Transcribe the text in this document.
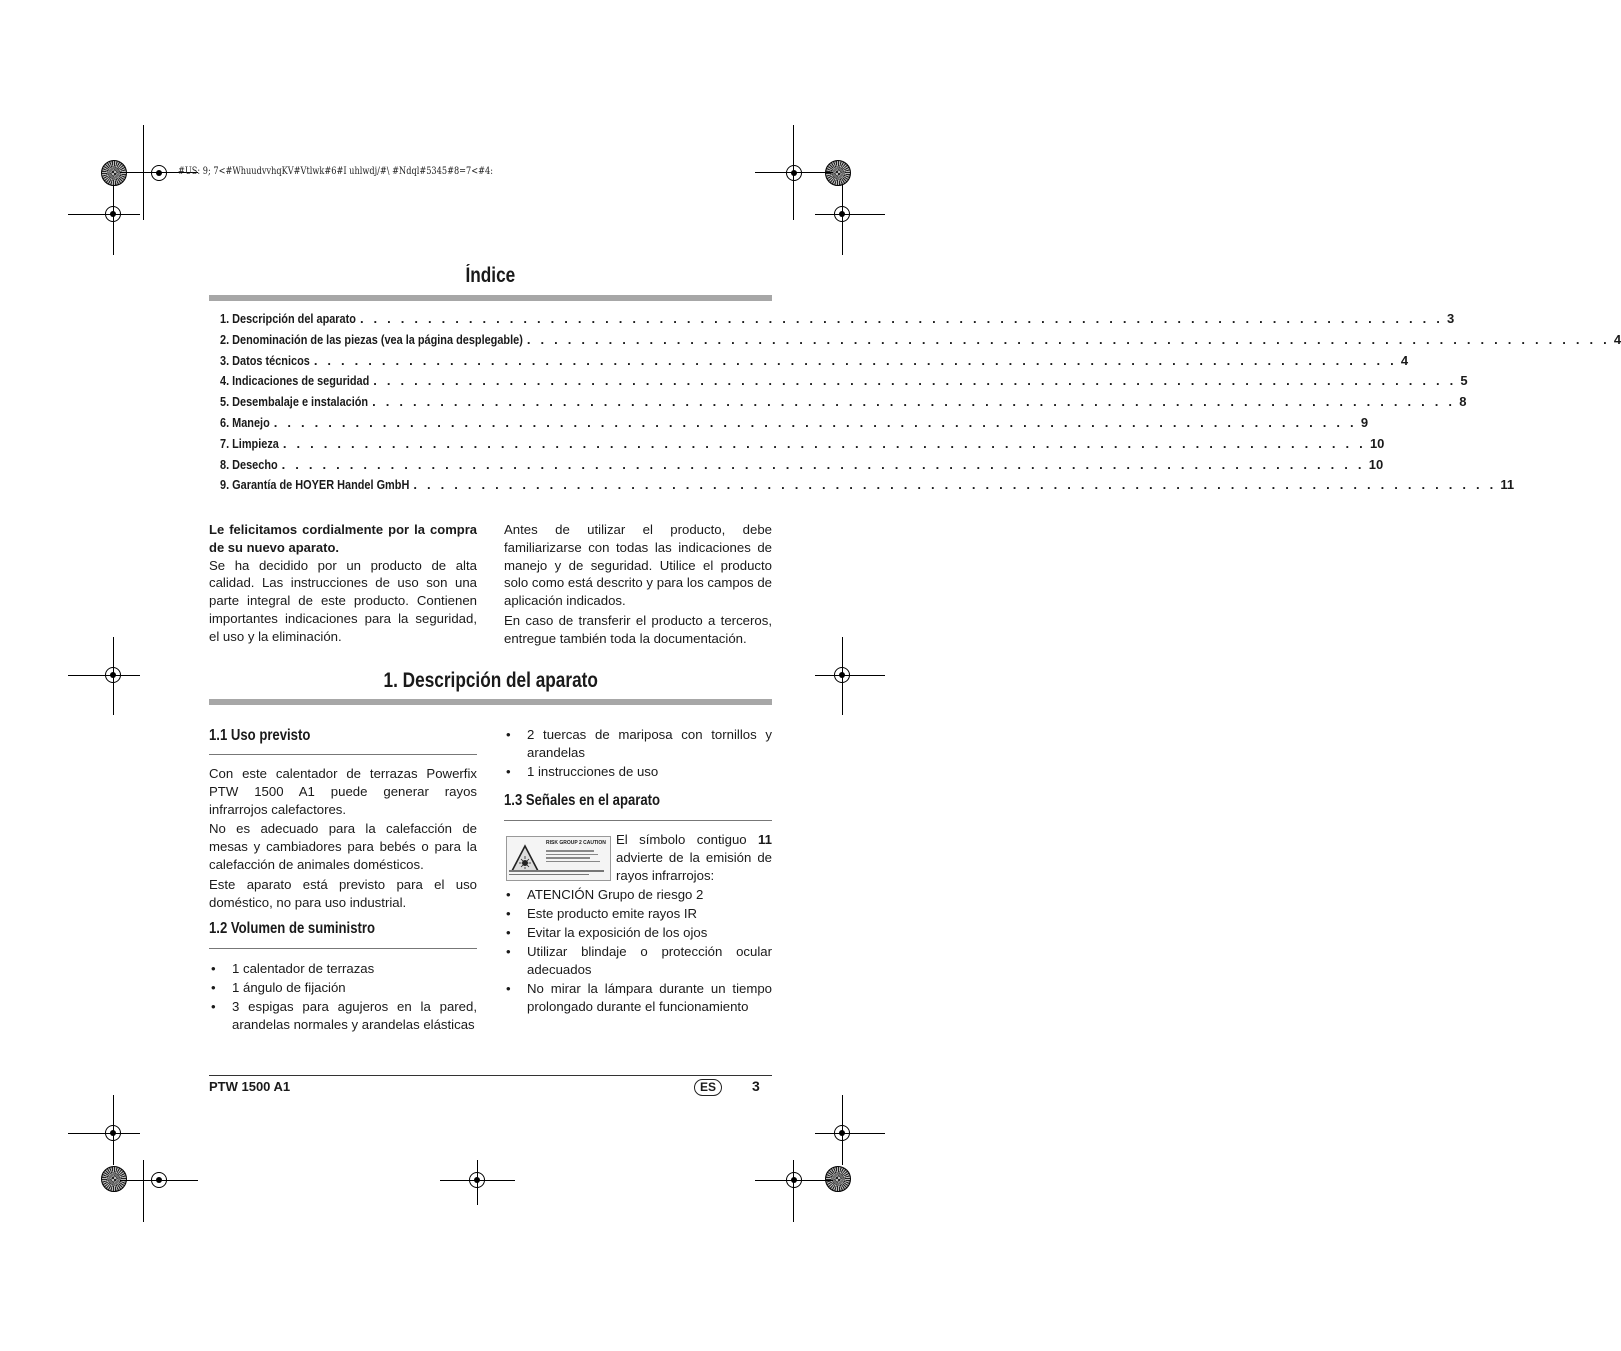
#US: 9; 7<#WhuudvvhqKV#Vtlwk#6#I uhlwdj/#\ #Ndql#5345#8=7<#4:
Índice
1. Descripción del aparato . . . . . . . . . . . . . . . . . . . . . . . . . . . . . . . . . . . . . . . . . . . . . . . . . . . . . . . . . . . . . . . . . . . . . . . . . . . . . . . . 3
2. Denominación de las piezas (vea la página desplegable) . . . . . . . . . . . . . . . . . . . . . . . . . . . . . . . . . . . . . . . . . . . . . . . . . . . . . . . . . . . . . . . . . . . . . . . . . . . . . . . . 4
3. Datos técnicos . . . . . . . . . . . . . . . . . . . . . . . . . . . . . . . . . . . . . . . . . . . . . . . . . . . . . . . . . . . . . . . . . . . . . . . . . . . . . . . . 4
4. Indicaciones de seguridad . . . . . . . . . . . . . . . . . . . . . . . . . . . . . . . . . . . . . . . . . . . . . . . . . . . . . . . . . . . . . . . . . . . . . . . . . . . . . . . . 5
5. Desembalaje e instalación . . . . . . . . . . . . . . . . . . . . . . . . . . . . . . . . . . . . . . . . . . . . . . . . . . . . . . . . . . . . . . . . . . . . . . . . . . . . . . . . 8
6. Manejo . . . . . . . . . . . . . . . . . . . . . . . . . . . . . . . . . . . . . . . . . . . . . . . . . . . . . . . . . . . . . . . . . . . . . . . . . . . . . . . . 9
7. Limpieza . . . . . . . . . . . . . . . . . . . . . . . . . . . . . . . . . . . . . . . . . . . . . . . . . . . . . . . . . . . . . . . . . . . . . . . . . . . . . . . . 10
8. Desecho . . . . . . . . . . . . . . . . . . . . . . . . . . . . . . . . . . . . . . . . . . . . . . . . . . . . . . . . . . . . . . . . . . . . . . . . . . . . . . . . 10
9. Garantía de HOYER Handel GmbH . . . . . . . . . . . . . . . . . . . . . . . . . . . . . . . . . . . . . . . . . . . . . . . . . . . . . . . . . . . . . . . . . . . . . . . . . . . . . . . . 11

Le felicitamos cordialmente por la compra de su nuevo aparato.

Se ha decidido por un producto de alta calidad. Las instrucciones de uso son una parte integral de este producto. Contienen importantes indicaciones para la seguridad, el uso y la eliminación.

Antes de utilizar el producto, debe familiarizarse con todas las indicaciones de manejo y de seguridad. Utilice el producto solo como está descrito y para los campos de aplicación indicados.

En caso de transferir el producto a terceros, entregue también toda la documentación.

1. Descripción del aparato
1.1 Uso previsto

Con este calentador de terrazas Powerfix PTW 1500 A1 puede generar rayos infrarrojos calefactores.

No es adecuado para la calefacción de mesas y cambiadores para bebés o para la calefacción de animales domésticos.

Este aparato está previsto para el uso doméstico, no para uso industrial.

1.2 Volumen de suministro
• 1 calentador de terrazas
• 1 ángulo de fijación
• 3 espigas para agujeros en la pared, arandelas normales y arandelas elásticas
• 2 tuercas de mariposa con tornillos y arandelas
• 1 instrucciones de uso
1.3 Señales en el aparato
RISK GROUP 2 CAUTION El símbolo contiguo 11 advierte de la emisión de rayos infrarrojos:

• ATENCIÓN Grupo de riesgo 2
• Este producto emite rayos IR
• Evitar la exposición de los ojos
• Utilizar blindaje o protección ocular adecuados
• No mirar la lámpara durante un tiempo prolongado durante el funcionamiento
PTW 1500 A1	ES	3
